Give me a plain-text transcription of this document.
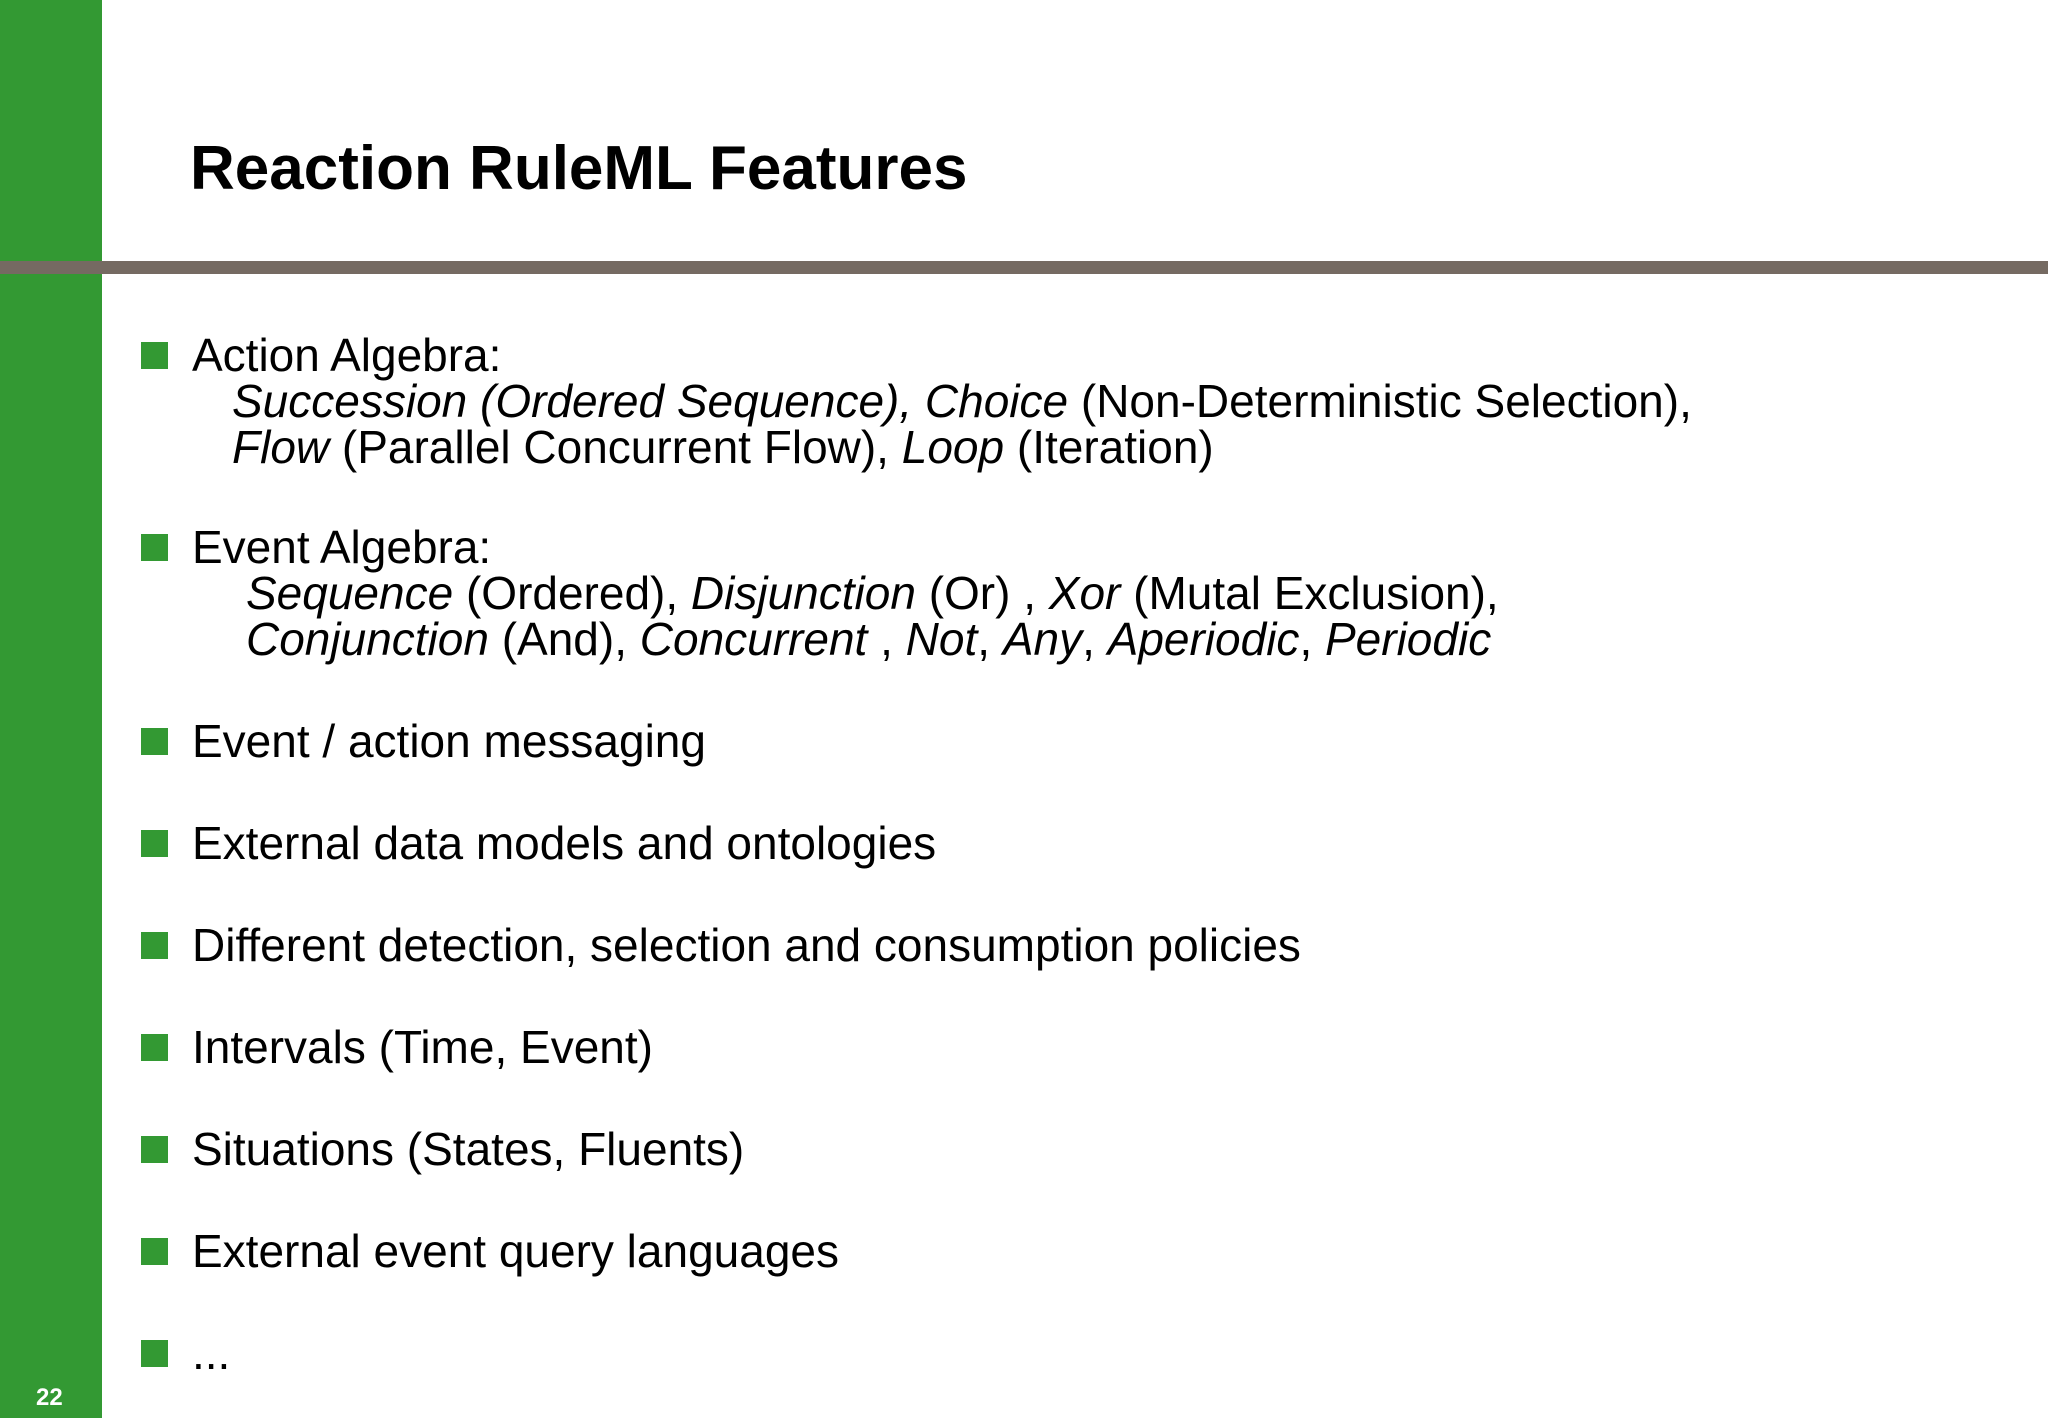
22
Reaction RuleML Features
Action Algebra:
Succession (Ordered Sequence), Choice (Non-Deterministic Selection),
Flow (Parallel Concurrent Flow), Loop (Iteration)
Event Algebra:
Sequence (Ordered), Disjunction (Or) , Xor (Mutal Exclusion),
Conjunction (And), Concurrent , Not, Any, Aperiodic, Periodic
Event / action messaging
External data models and ontologies
Different detection, selection and consumption policies
Intervals (Time, Event)
Situations (States, Fluents)
External event query languages
...
